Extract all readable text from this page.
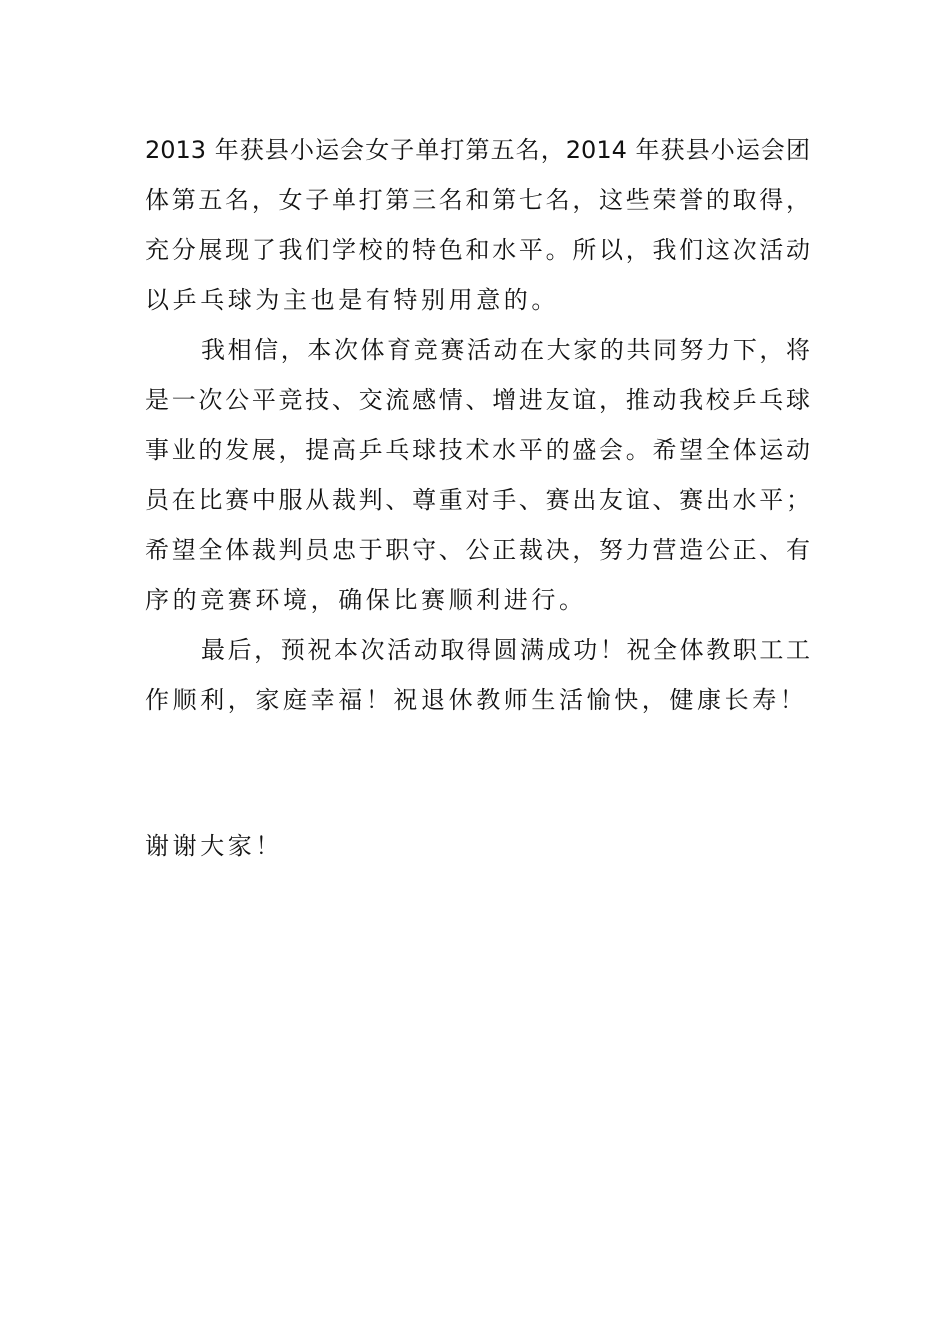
2013 年获县小运会女子单打第五名，2014 年获县小运会团
体第五名，女子单打第三名和第七名，这些荣誉的取得，
充分展现了我们学校的特色和水平。所以，我们这次活动
以乒乓球为主也是有特别用意的。
我相信，本次体育竞赛活动在大家的共同努力下，将
是一次公平竞技、交流感情、增进友谊，推动我校乒乓球
事业的发展，提高乒乓球技术水平的盛会。希望全体运动
员在比赛中服从裁判、尊重对手、赛出友谊、赛出水平；
希望全体裁判员忠于职守、公正裁决，努力营造公正、有
序的竞赛环境，确保比赛顺利进行。
最后，预祝本次活动取得圆满成功！祝全体教职工工
作顺利，家庭幸福！祝退休教师生活愉快，健康长寿！
谢谢大家！
